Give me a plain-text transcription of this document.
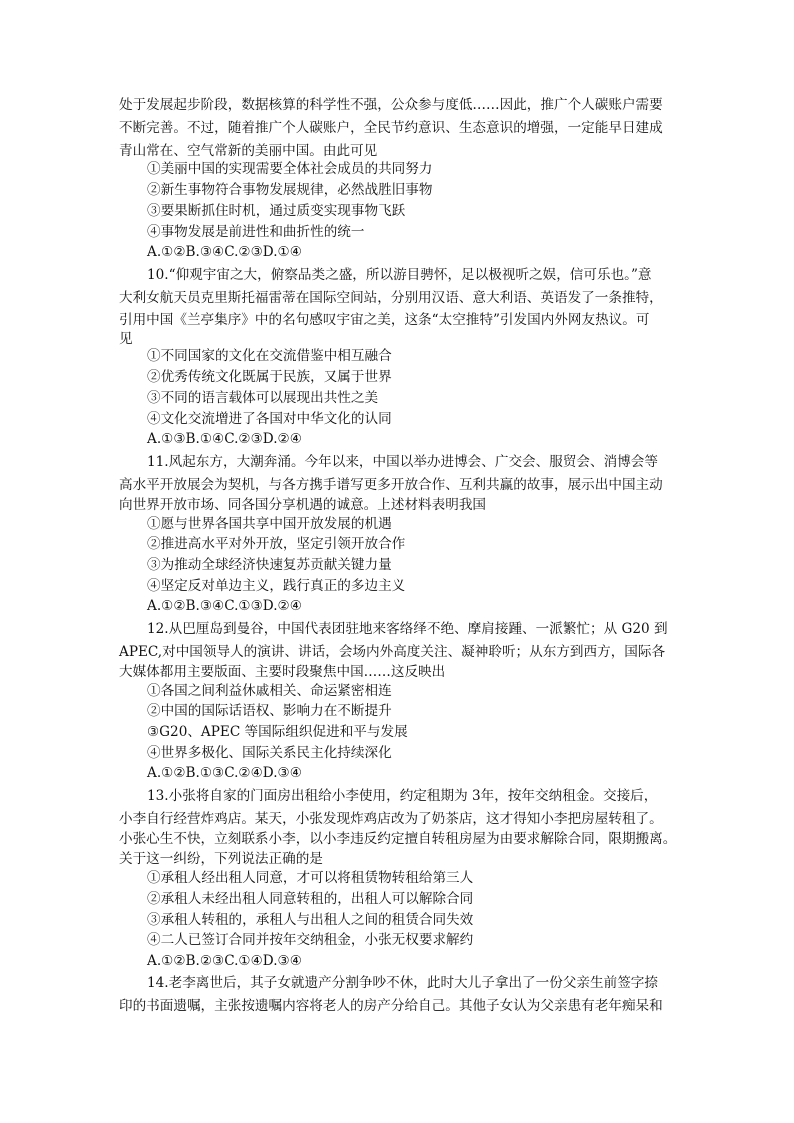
处于发展起步阶段，数据核算的科学性不强，公众参与度低……因此，推广个人碳账户需要
不断完善。不过，随着推广个人碳账户，全民节约意识、生态意识的增强，一定能早日建成
青山常在、空气常新的美丽中国。由此可见
①美丽中国的实现需要全体社会成员的共同努力
②新生事物符合事物发展规律，必然战胜旧事物
③要果断抓住时机，通过质变实现事物飞跃
④事物发展是前进性和曲折性的统一
A.①②B.③④C.②③D.①④
10.“仰观宇宙之大，俯察品类之盛，所以游目骋怀，足以极视听之娱，信可乐也。”意
大利女航天员克里斯托福雷蒂在国际空间站，分别用汉语、意大利语、英语发了一条推特，
引用中国《兰亭集序》中的名句感叹宇宙之美，这条“太空推特”引发国内外网友热议。可
见
①不同国家的文化在交流借鉴中相互融合
②优秀传统文化既属于民族，又属于世界
③不同的语言载体可以展现出共性之美
④文化交流增进了各国对中华文化的认同
A.①③B.①④C.②③D.②④
11.风起东方，大潮奔涌。今年以来，中国以举办进博会、广交会、服贸会、消博会等
高水平开放展会为契机，与各方携手谱写更多开放合作、互利共赢的故事，展示出中国主动
向世界开放市场、同各国分享机遇的诚意。上述材料表明我国
①愿与世界各国共享中国开放发展的机遇
②推进高水平对外开放，坚定引领开放合作
③为推动全球经济快速复苏贡献关键力量
④坚定反对单边主义，践行真正的多边主义
A.①②B.③④C.①③D.②④
12.从巴厘岛到曼谷，中国代表团驻地来客络绎不绝、摩肩接踵、一派繁忙；从 G20 到
APEC,对中国领导人的演讲、讲话，会场内外高度关注、凝神聆听；从东方到西方，国际各
大媒体都用主要版面、主要时段聚焦中国……这反映出
①各国之间利益休戚相关、命运紧密相连
②中国的国际话语权、影响力在不断提升
③G20、APEC 等国际组织促进和平与发展
④世界多极化、国际关系民主化持续深化
A.①②B.①③C.②④D.③④
13.小张将自家的门面房出租给小李使用，约定租期为 3年，按年交纳租金。交接后，
小李自行经营炸鸡店。某天，小张发现炸鸡店改为了奶茶店，这才得知小李把房屋转租了。
小张心生不快，立刻联系小李，以小李违反约定擅自转租房屋为由要求解除合同，限期搬离。
关于这一纠纷，下列说法正确的是
①承租人经出租人同意，才可以将租赁物转租给第三人
②承租人未经出租人同意转租的，出租人可以解除合同
③承租人转租的，承租人与出租人之间的租赁合同失效
④二人已签订合同并按年交纳租金，小张无权要求解约
A.①②B.②③C.①④D.③④
14.老李离世后，其子女就遗产分割争吵不休，此时大儿子拿出了一份父亲生前签字捺
印的书面遗嘱，主张按遗嘱内容将老人的房产分给自己。其他子女认为父亲患有老年痴呆和
